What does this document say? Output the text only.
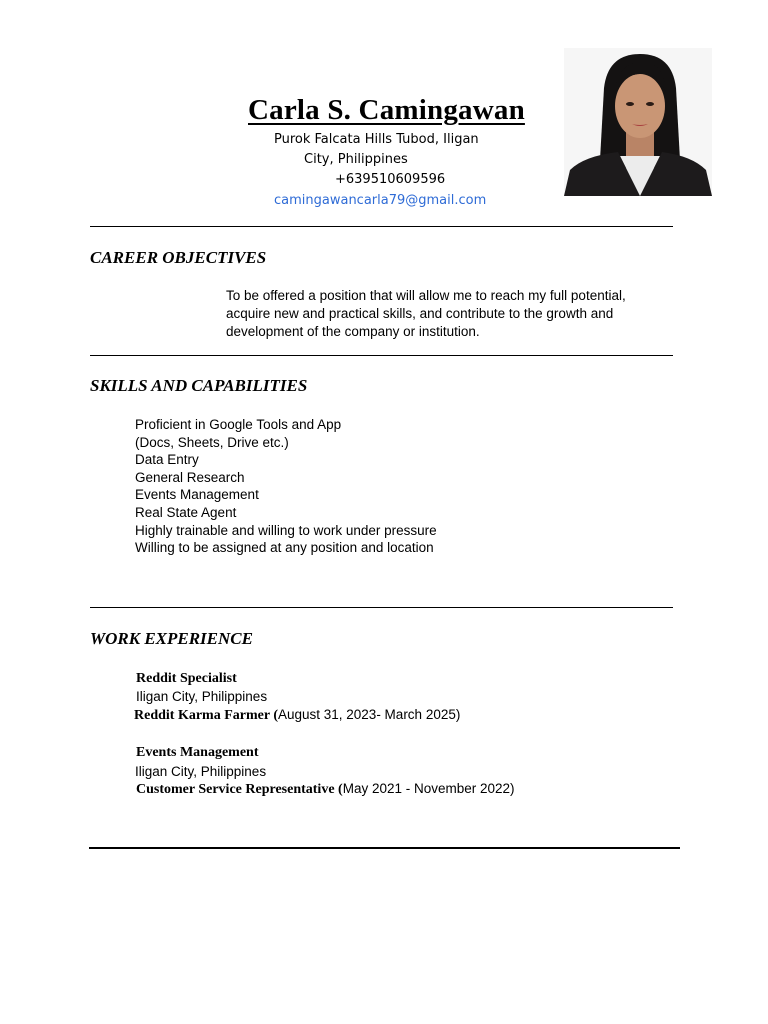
Carla S. Camingawan
Purok Falcata Hills Tubod, Iligan
City, Philippines
+639510609596
camingawancarla79@gmail.com
CAREER OBJECTIVES
To be offered a position that will allow me to reach my full potential,
acquire new and practical skills, and contribute to the growth and
development of the company or institution.
SKILLS AND CAPABILITIES
Proficient in Google Tools and App
(Docs, Sheets, Drive etc.)
Data Entry
General Research
Events Management
Real State Agent
Highly trainable and willing to work under pressure
Willing to be assigned at any position and location
WORK EXPERIENCE
Reddit Specialist
Iligan City, Philippines
Reddit Karma Farmer (August 31, 2023- March 2025)
Events Management
Iligan City, Philippines
Customer Service Representative (May 2021 - November 2022)
